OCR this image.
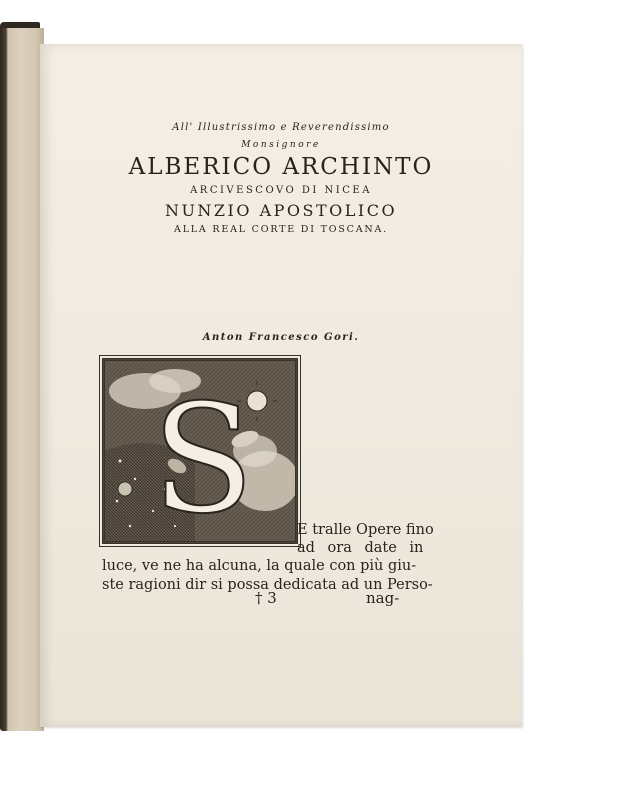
All' Illustrissimo e Reverendissimo
Monsignore
ALBERICO ARCHINTO
ARCIVESCOVO DI NICEA
NUNZIO APOSTOLICO
ALLA REAL CORTE DI TOSCANA.
Anton Francesco Gori.
S	E tralle Opere fino
ad ora date in
luce, ve ne ha alcuna, la quale con più giu-
ste ragioni dir si possa dedicata ad un Perso-
† 3	nag-
